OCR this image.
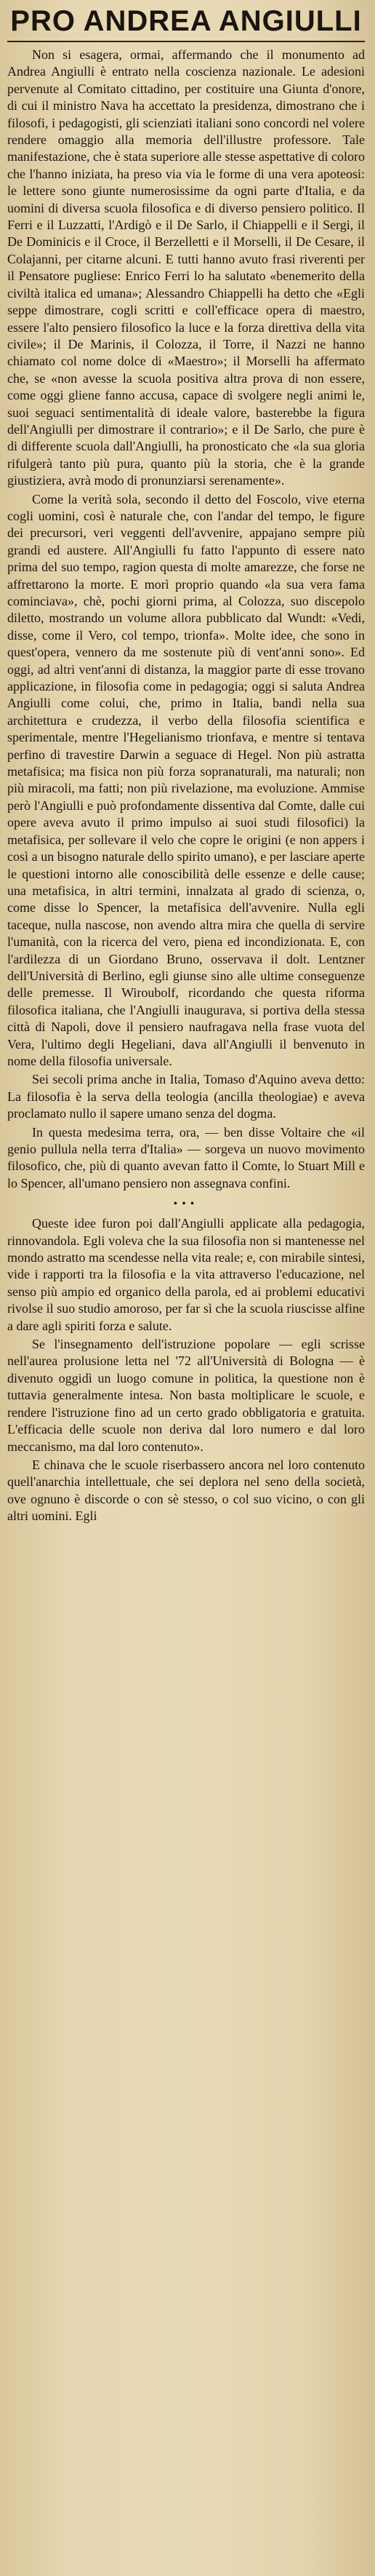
PRO ANDREA ANGIULLI

Non si esagera, ormai, affermando che il monumento ad Andrea Angiulli è entrato nella coscienza nazionale. Le adesioni pervenute al Comitato cittadino, per costituire una Giunta d'onore, di cui il ministro Nava ha accettato la presidenza, dimostrano che i filosofi, i pedagogisti, gli scienziati italiani sono concordi nel volere rendere omaggio alla memoria dell'illustre professore. Tale manifestazione, che è stata superiore alle stesse aspettative di coloro che l'hanno iniziata, ha preso via via le forme di una vera apoteosi: le lettere sono giunte numerosissime da ogni parte d'Italia, e da uomini di diversa scuola filosofica e di diverso pensiero politico. Il Ferri e il Luzzatti, l'Ardigò e il De Sarlo, il Chiappelli e il Sergi, il De Dominicis e il Croce, il Berzelletti e il Morselli, il De Cesare, il Colajanni, per citarne alcuni. E tutti hanno avuto frasi riverenti per il Pensatore pugliese: Enrico Ferri lo ha salutato «benemerito della civiltà italica ed umana»; Alessandro Chiappelli ha detto che «Egli seppe dimostrare, cogli scritti e coll'efficace opera di maestro, essere l'alto pensiero filosofico la luce e la forza direttiva della vita civile»; il De Marinis, il Colozza, il Torre, il Nazzi ne hanno chiamato col nome dolce di «Maestro»; il Morselli ha affermato che, se «non avesse la scuola positiva altra prova di non essere, come oggi gliene fanno accusa, capace di svolgere negli animi le, suoi seguaci sentimentalità di ideale valore, basterebbe la figura dell'Angiulli per dimostrare il contrario»; e il De Sarlo, che pure è di differente scuola dall'Angiulli, ha pronosticato che «la sua gloria rifulgerà tanto più pura, quanto più la storia, che è la grande giustiziera, avrà modo di pronunziarsi serenamente».

Come la verità sola, secondo il detto del Foscolo, vive eterna cogli uomini, così è naturale che, con l'andar del tempo, le figure dei precursori, veri veggenti dell'avvenire, appajano sempre più grandi ed austere. All'Angiulli fu fatto l'appunto di essere nato prima del suo tempo, ragion questa di molte amarezze, che forse ne affrettarono la morte. E morì proprio quando «la sua vera fama cominciava», chè, pochi giorni prima, al Colozza, suo discepolo diletto, mostrando un volume allora pubblicato dal Wundt: «Vedi, disse, come il Vero, col tempo, trionfa». Molte idee, che sono in quest'opera, vennero da me sostenute più di vent'anni sono». Ed oggi, ad altri vent'anni di distanza, la maggior parte di esse trovano applicazione, in filosofia come in pedagogia; oggi si saluta Andrea Angiulli come colui, che, primo in Italia, bandì nella sua architettura e crudezza, il verbo della filosofia scientifica e sperimentale, mentre l'Hegelianismo trionfava, e mentre si tentava perfino di travestire Darwin a seguace di Hegel. Non più astratta metafisica; ma fisica non più forza sopranaturali, ma naturali; non più miracoli, ma fatti; non più rivelazione, ma evoluzione. Ammise però l'Angiulli e può profondamente dissentiva dal Comte, dalle cui opere aveva avuto il primo impulso ai suoi studi filosofici) la metafisica, per sollevare il velo che copre le origini (e non appers i così a un bisogno naturale dello spirito umano), e per lasciare aperte le questioni intorno alle conoscibilità delle essenze e delle cause; una metafisica, in altri termini, innalzata al grado di scienza, o, come disse lo Spencer, la metafisica dell'avvenire. Nulla egli taceque, nulla nascose, non avendo altra mira che quella di servire l'umanità, con la ricerca del vero, piena ed incondizionata. E, con l'ardilezza di un Giordano Bruno, osservava il dolt. Lentzner dell'Università di Berlino, egli giunse sino alle ultime conseguenze delle premesse. Il Wiroubolf, ricordando che questa riforma filosofica italiana, che l'Angiulli inaugurava, si portiva della stessa città di Napoli, dove il pensiero naufragava nella frase vuota del Vera, l'ultimo degli Hegeliani, dava all'Angiulli il benvenuto in nome della filosofia universale.

Sei secoli prima anche in Italia, Tomaso d'Aquino aveva detto: La filosofia è la serva della teologia (ancilla theologiae) e aveva proclamato nullo il sapere umano senza del dogma.

In questa medesima terra, ora, — ben disse Voltaire che «il genio pullula nella terra d'Italia» — sorgeva un nuovo movimento filosofico, che, più di quanto avevan fatto il Comte, lo Stuart Mill e lo Spencer, all'umano pensiero non assegnava confini.

•••

Queste idee furon poi dall'Angiulli applicate alla pedagogia, rinnovandola. Egli voleva che la sua filosofia non si mantenesse nel mondo astratto ma scendesse nella vita reale; e, con mirabile sintesi, vide i rapporti tra la filosofia e la vita attraverso l'educazione, nel senso più ampio ed organico della parola, ed ai problemi educativi rivolse il suo studio amoroso, per far sì che la scuola riuscisse alfine a dare agli spiriti forza e salute.

Se l'insegnamento dell'istruzione popolare — egli scrisse nell'aurea prolusione letta nel '72 all'Università di Bologna — è divenuto oggidì un luogo comune in politica, la questione non è tuttavia generalmente intesa. Non basta moltiplicare le scuole, e rendere l'istruzione fino ad un certo grado obbligatoria e gratuita. L'efficacia delle scuole non deriva dal loro numero e dal loro meccanismo, ma dal loro contenuto».

E chinava che le scuole riserbassero ancora nel loro contenuto quell'anarchia intellettuale, che sei deplora nel seno della società, ove ognuno è discorde o con sè stesso, o col suo vicino, o con gli altri uomini. Egli
